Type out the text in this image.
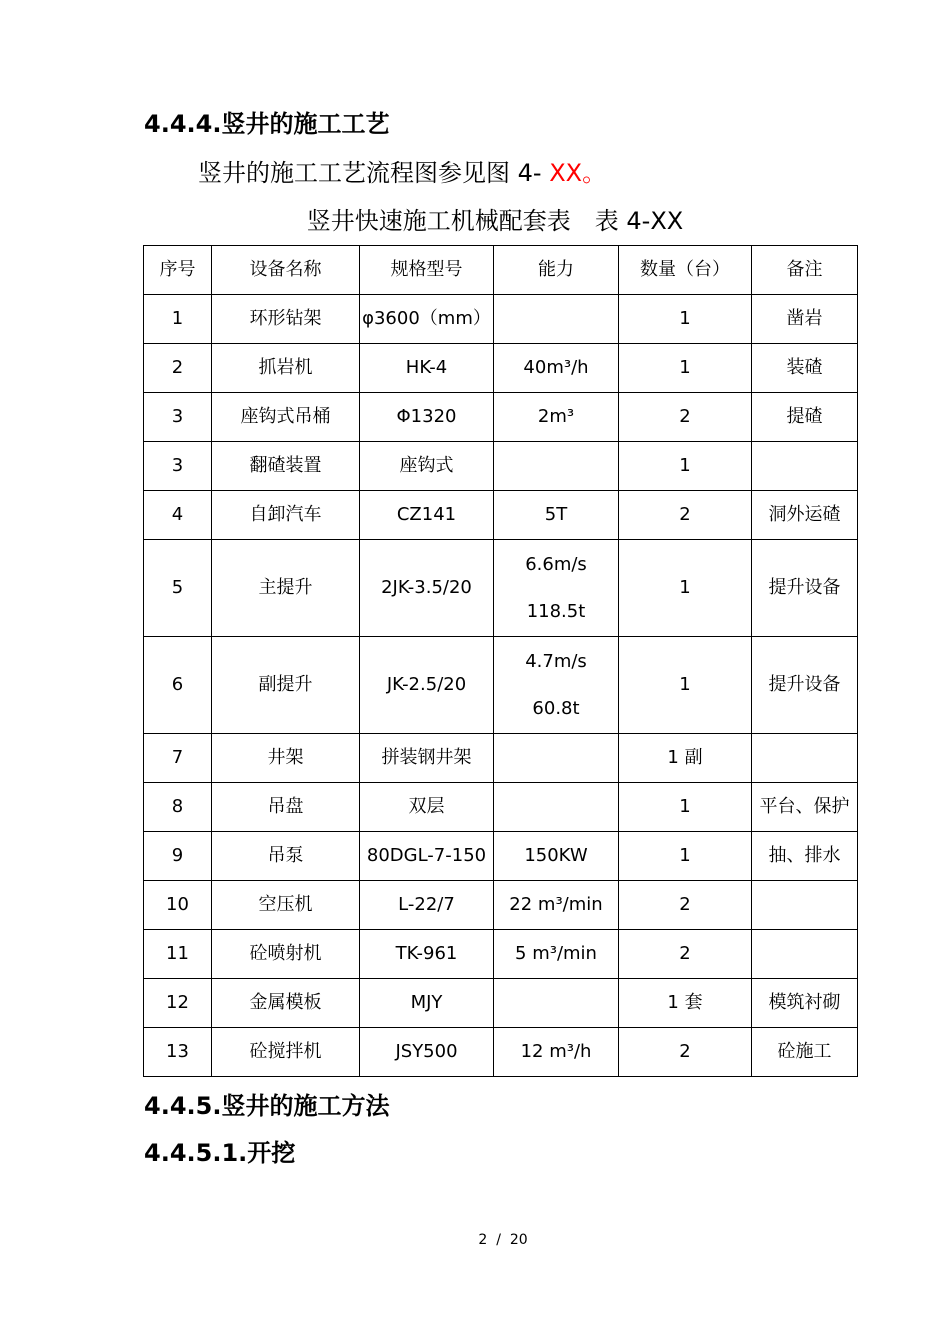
4.4.4.竖井的施工工艺
竖井的施工工艺流程图参见图 4- XX。
竖井快速施工机械配套表 表 4-XX
序号	设备名称	规格型号	能力	数量（台）	备注
1	环形钻架	φ3600（mm）		1	凿岩
2	抓岩机	HK-4	40m³/h	1	装碴
3	座钩式吊桶	Φ1320	2m³	2	提碴
3	翻碴装置	座钩式		1	
4	自卸汽车	CZ141	5T	2	洞外运碴
5	主提升	2JK-3.5/20	6.6m/s
118.5t	1	提升设备
6	副提升	JK-2.5/20	4.7m/s
60.8t	1	提升设备
7	井架	拼装钢井架		1 副	
8	吊盘	双层		1	平台、保护
9	吊泵	80DGL-7-150	150KW	1	抽、排水
10	空压机	L-22/7	22 m³/min	2	
11	砼喷射机	TK-961	5 m³/min	2	
12	金属模板	MJY		1 套	模筑衬砌
13	砼搅拌机	JSY500	12 m³/h	2	砼施工
4.4.5.竖井的施工方法
4.4.5.1.开挖
2 / 20
